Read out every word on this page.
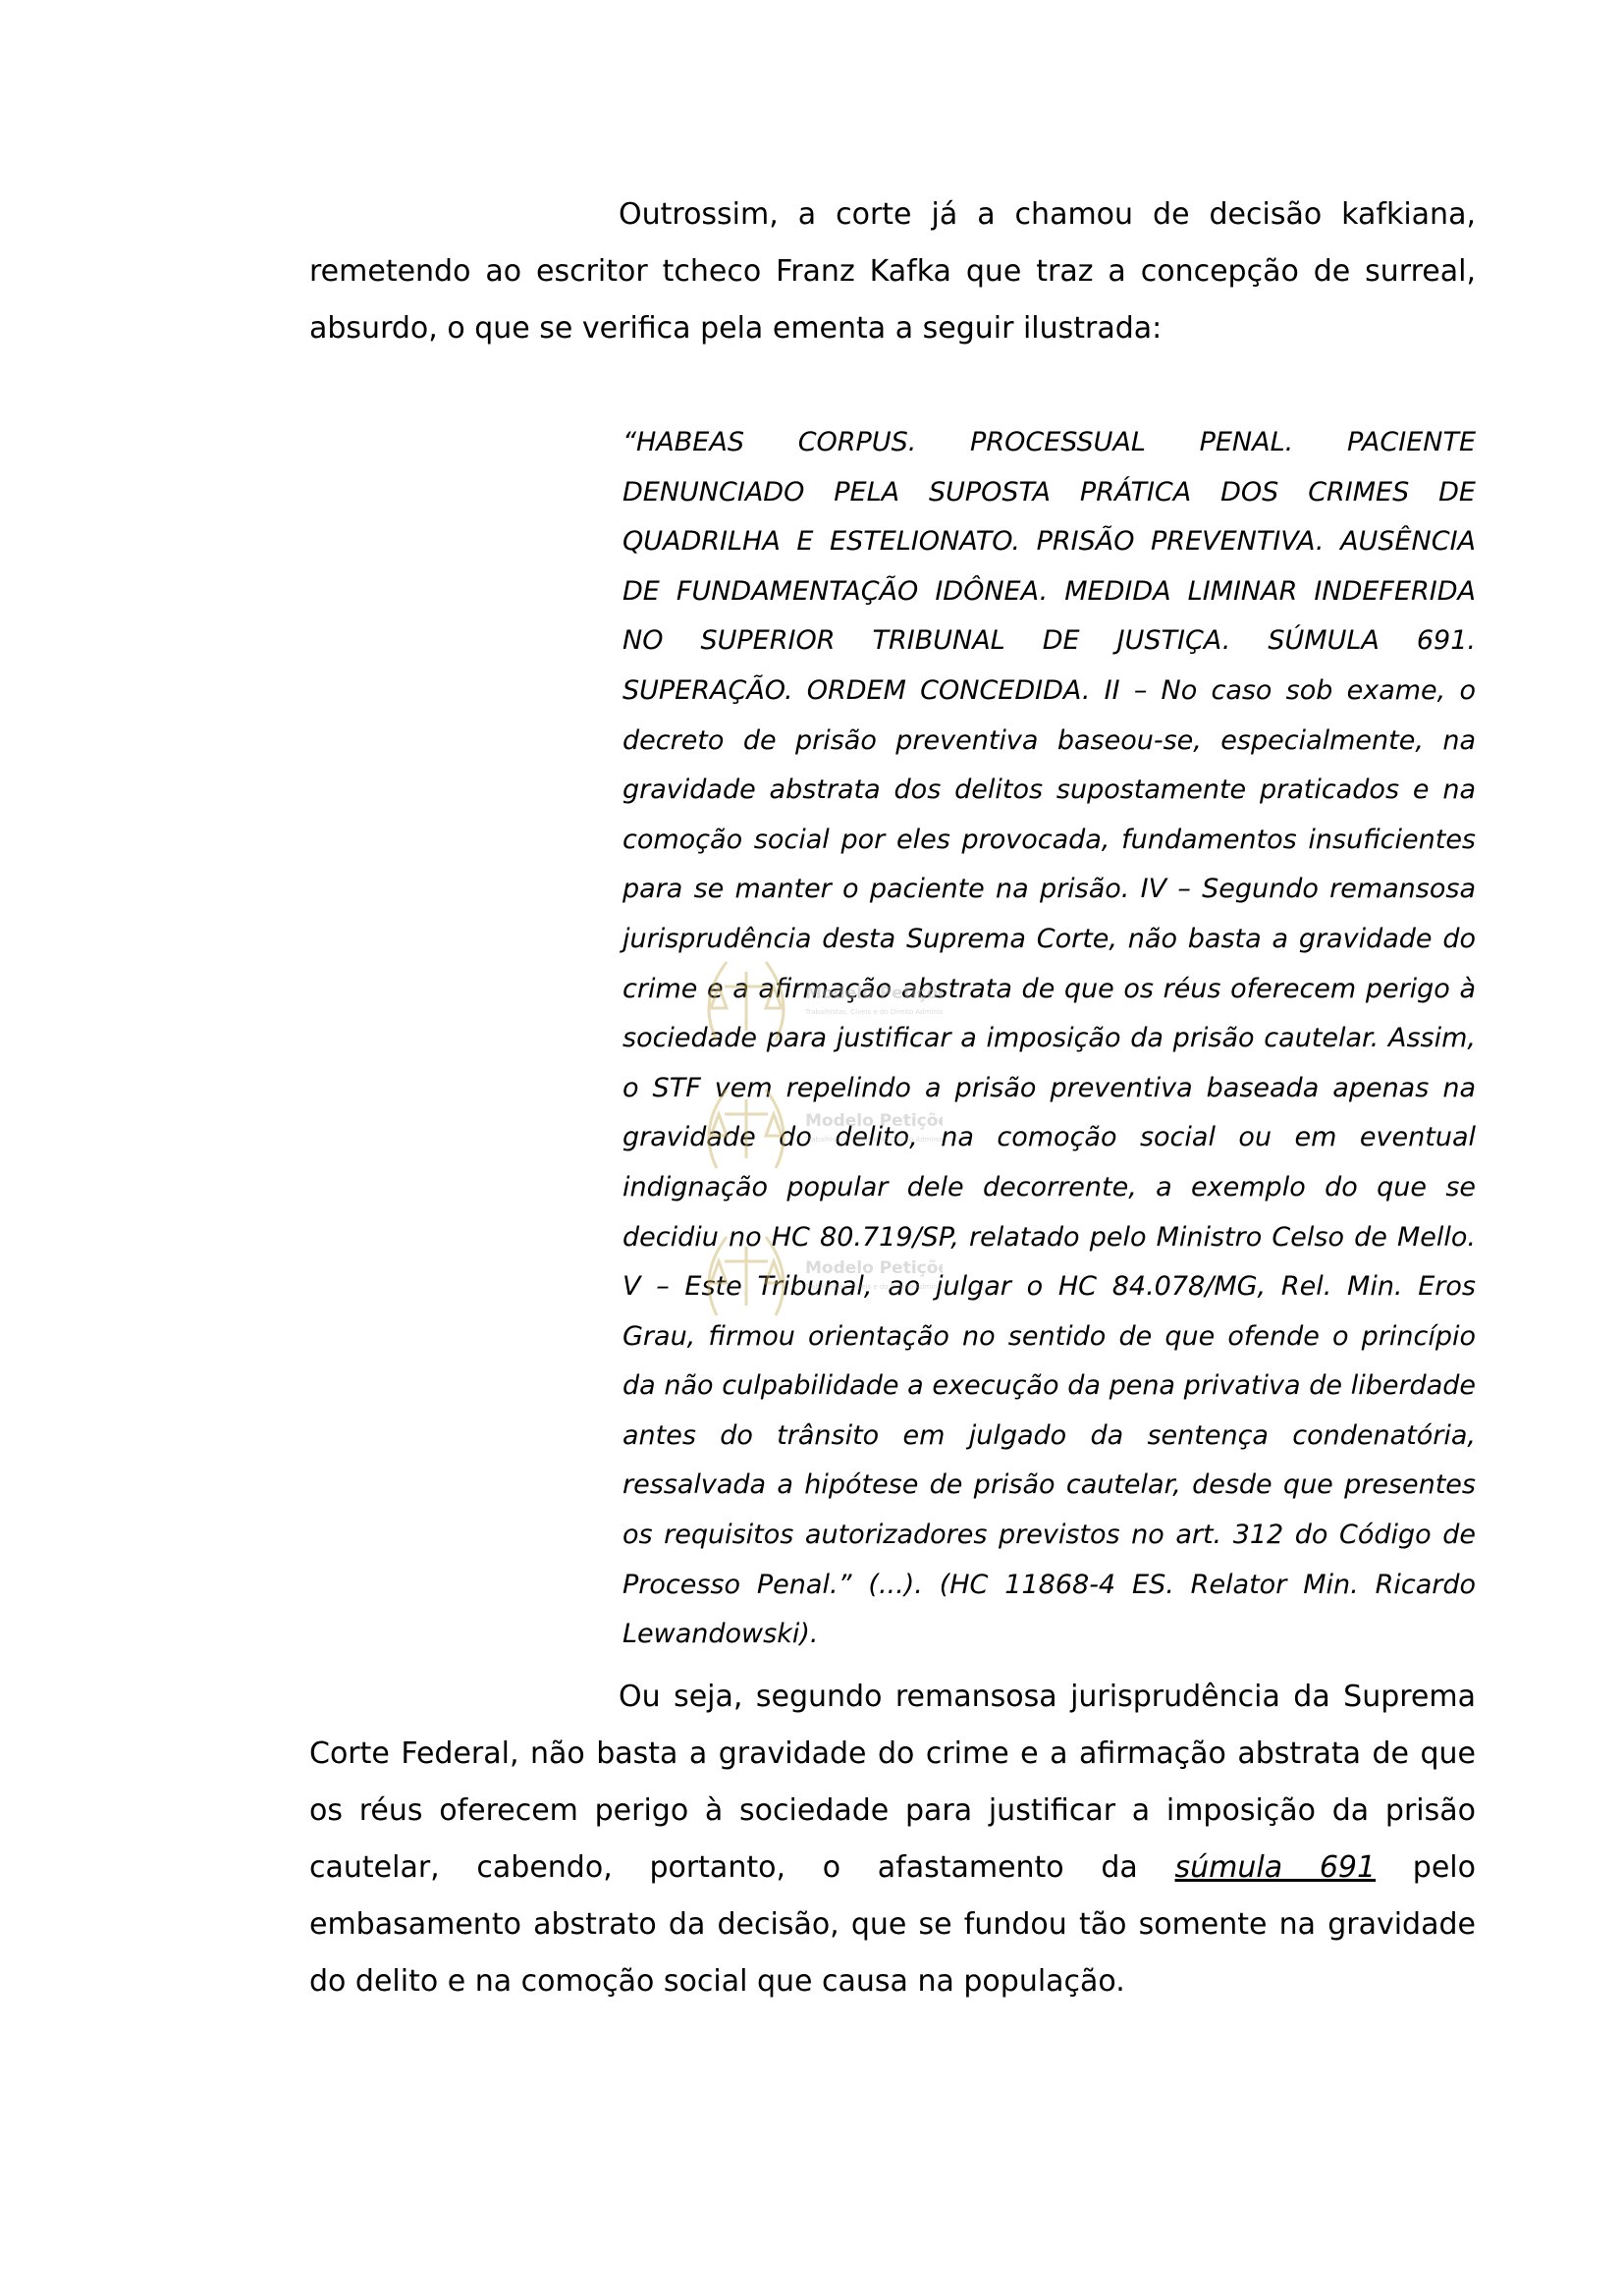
Outrossim, a corte já a chamou de decisão kafkiana, remetendo ao escritor tcheco Franz Kafka que traz a concepção de surreal, absurdo, o que se verifica pela ementa a seguir ilustrada:

“HABEAS CORPUS. PROCESSUAL PENAL. PACIENTE DENUNCIADO PELA SUPOSTA PRÁTICA DOS CRIMES DE QUADRILHA E ESTELIONATO. PRISÃO PREVENTIVA. AUSÊNCIA DE FUNDAMENTAÇÃO IDÔNEA. MEDIDA LIMINAR INDEFERIDA NO SUPERIOR TRIBUNAL DE JUSTIÇA. SÚMULA 691. SUPERAÇÃO. ORDEM CONCEDIDA. II – No caso sob exame, o decreto de prisão preventiva baseou-se, especialmente, na gravidade abstrata dos delitos supostamente praticados e na comoção social por eles provocada, fundamentos insuficientes para se manter o paciente na prisão. IV – Segundo remansosa jurisprudência desta Suprema Corte, não basta a gravidade do crime e a afirmação abstrata de que os réus oferecem perigo à sociedade para justificar a imposição da prisão cautelar. Assim, o STF vem repelindo a prisão preventiva baseada apenas na gravidade do delito, na comoção social ou em eventual indignação popular dele decorrente, a exemplo do que se decidiu no HC 80.719/SP, relatado pelo Ministro Celso de Mello. V – Este Tribunal, ao julgar o HC 84.078/MG, Rel. Min. Eros Grau, firmou orientação no sentido de que ofende o princípio da não culpabilidade a execução da pena privativa de liberdade antes do trânsito em julgado da sentença condenatória, ressalvada a hipótese de prisão cautelar, desde que presentes os requisitos autorizadores previstos no art. 312 do Código de Processo Penal.” (...). (HC 11868-4 ES. Relator Min. Ricardo Lewandowski).

Ou seja, segundo remansosa jurisprudência da Suprema Corte Federal, não basta a gravidade do crime e a afirmação abstrata de que os réus oferecem perigo à sociedade para justificar a imposição da prisão cautelar, cabendo, portanto, o afastamento da súmula 691 pelo embasamento abstrato da decisão, que se fundou tão somente na gravidade do delito e na comoção social que causa na população.

Modelo Petiçõ
Trabalhistas, Cíveis e do Direito Adminis
Modelo Petiçõ
Trabalhistas, Cíveis e do Direito Adminis
Modelo Petiçõ
Trabalhistas, Cíveis e do Direito Adminis
